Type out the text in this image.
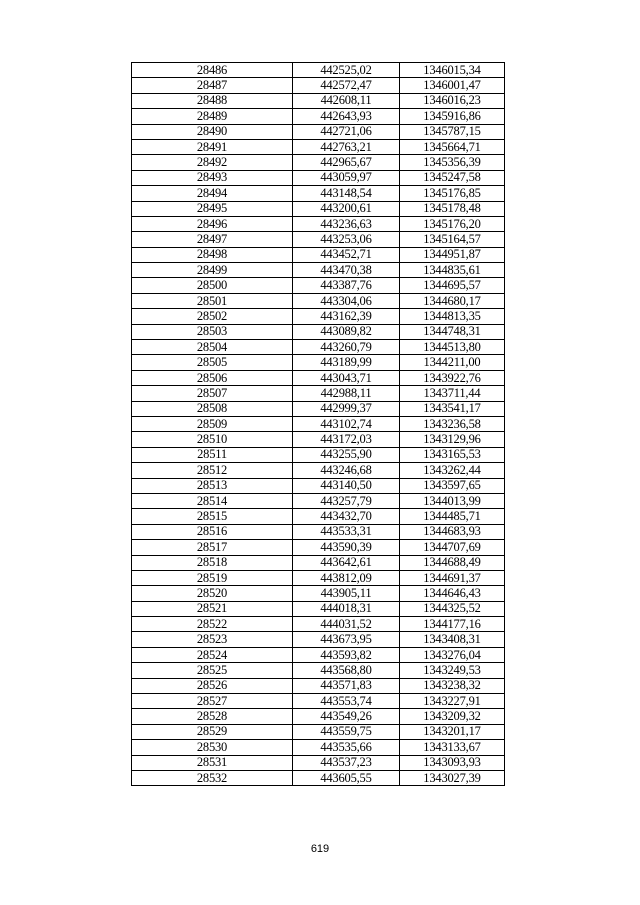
28486	442525,02	1346015,34
28487	442572,47	1346001,47
28488	442608,11	1346016,23
28489	442643,93	1345916,86
28490	442721,06	1345787,15
28491	442763,21	1345664,71
28492	442965,67	1345356,39
28493	443059,97	1345247,58
28494	443148,54	1345176,85
28495	443200,61	1345178,48
28496	443236,63	1345176,20
28497	443253,06	1345164,57
28498	443452,71	1344951,87
28499	443470,38	1344835,61
28500	443387,76	1344695,57
28501	443304,06	1344680,17
28502	443162,39	1344813,35
28503	443089,82	1344748,31
28504	443260,79	1344513,80
28505	443189,99	1344211,00
28506	443043,71	1343922,76
28507	442988,11	1343711,44
28508	442999,37	1343541,17
28509	443102,74	1343236,58
28510	443172,03	1343129,96
28511	443255,90	1343165,53
28512	443246,68	1343262,44
28513	443140,50	1343597,65
28514	443257,79	1344013,99
28515	443432,70	1344485,71
28516	443533,31	1344683,93
28517	443590,39	1344707,69
28518	443642,61	1344688,49
28519	443812,09	1344691,37
28520	443905,11	1344646,43
28521	444018,31	1344325,52
28522	444031,52	1344177,16
28523	443673,95	1343408,31
28524	443593,82	1343276,04
28525	443568,80	1343249,53
28526	443571,83	1343238,32
28527	443553,74	1343227,91
28528	443549,26	1343209,32
28529	443559,75	1343201,17
28530	443535,66	1343133,67
28531	443537,23	1343093,93
28532	443605,55	1343027,39
619
